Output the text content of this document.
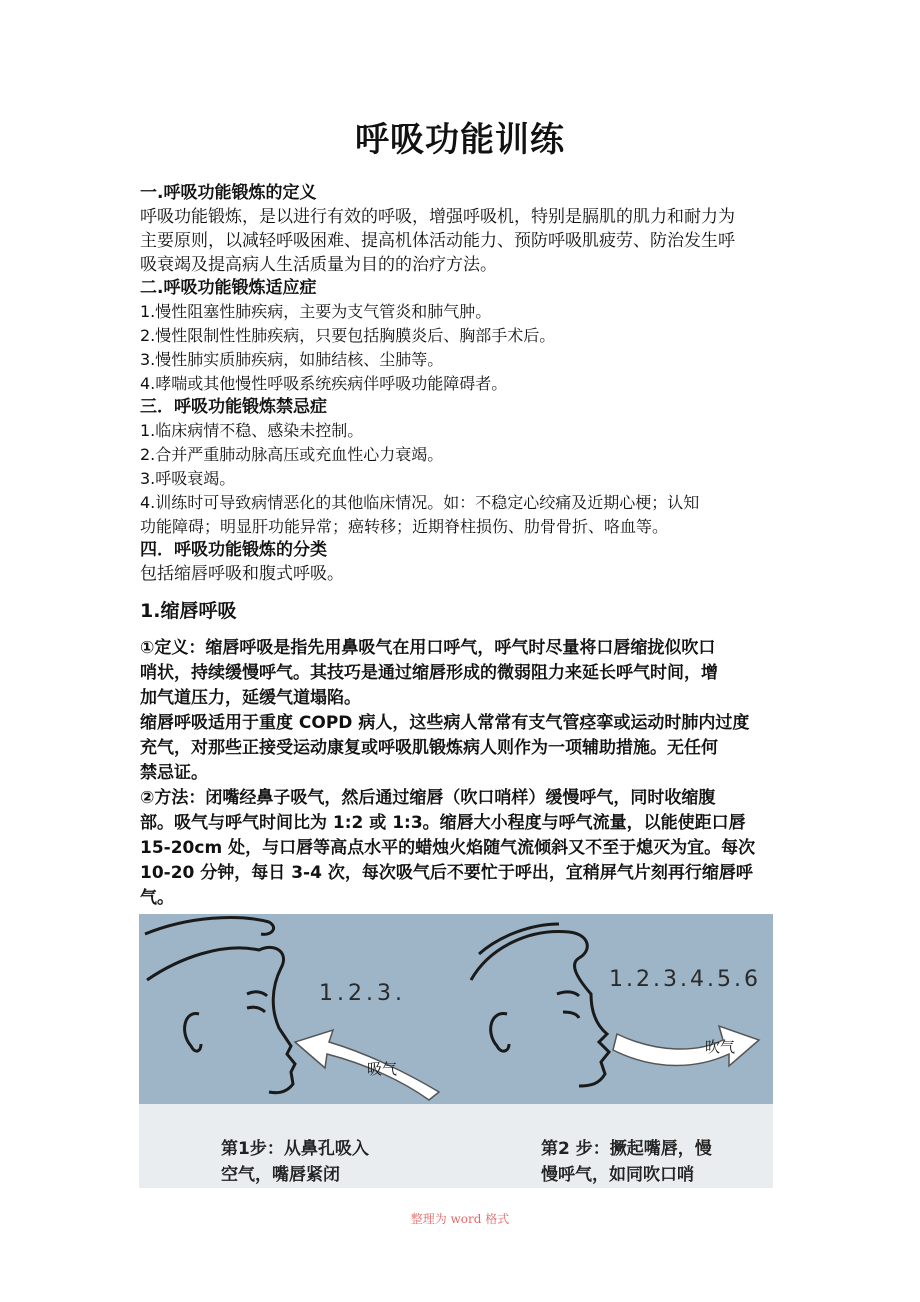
呼吸功能训练
一.呼吸功能锻炼的定义
呼吸功能锻炼，是以进行有效的呼吸，增强呼吸机，特别是膈肌的肌力和耐力为
主要原则，以减轻呼吸困难、提高机体活动能力、预防呼吸肌疲劳、防治发生呼
吸衰竭及提高病人生活质量为目的的治疗方法。
二.呼吸功能锻炼适应症
1.慢性阻塞性肺疾病，主要为支气管炎和肺气肿。
2.慢性限制性性肺疾病，只要包括胸膜炎后、胸部手术后。
3.慢性肺实质肺疾病，如肺结核、尘肺等。
4.哮喘或其他慢性呼吸系统疾病伴呼吸功能障碍者。
三．呼吸功能锻炼禁忌症
1.临床病情不稳、感染未控制。
2.合并严重肺动脉高压或充血性心力衰竭。
3.呼吸衰竭。
4.训练时可导致病情恶化的其他临床情况。如：不稳定心绞痛及近期心梗；认知
功能障碍；明显肝功能异常；癌转移；近期脊柱损伤、肋骨骨折、咯血等。
四．呼吸功能锻炼的分类
包括缩唇呼吸和腹式呼吸。
1.缩唇呼吸
①定义：缩唇呼吸是指先用鼻吸气在用口呼气，呼气时尽量将口唇缩拢似吹口
哨状，持续缓慢呼气。其技巧是通过缩唇形成的微弱阻力来延长呼气时间，增
加气道压力，延缓气道塌陷。
缩唇呼吸适用于重度 COPD 病人，这些病人常常有支气管痉挛或运动时肺内过度
充气，对那些正接受运动康复或呼吸肌锻炼病人则作为一项辅助措施。无任何
禁忌证。
②方法：闭嘴经鼻子吸气，然后通过缩唇（吹口哨样）缓慢呼气，同时收缩腹
部。吸气与呼气时间比为 1:2 或 1:3。缩唇大小程度与呼气流量，以能使距口唇
15-20cm 处，与口唇等高点水平的蜡烛火焰随气流倾斜又不至于熄灭为宜。每次
10-20 分钟，每日 3-4 次，每次吸气后不要忙于呼出，宜稍屏气片刻再行缩唇呼
气。
1.2.3.
1.2.3.4.5.6
吸气
吹气
第1步：从鼻孔吸入
空气，嘴唇紧闭
第2 步：撅起嘴唇，慢
慢呼气，如同吹口哨
整理为 word 格式
